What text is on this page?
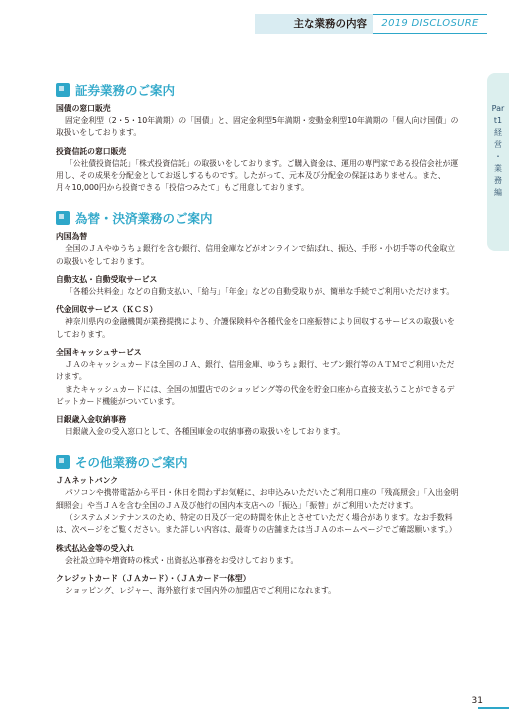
主な業務の内容	2019 DISCLOSURE
Part1
経
営
・
業
務
編
証券業務のご案内

国債の窓口販売

固定金利型（2・5・10年満期）の「国債」と、固定金利型5年満期・変動金利型10年満期の「個人向け国債」の取扱いをしております。

投資信託の窓口販売

「公社債投資信託」「株式投資信託」の取扱いをしております。ご購入資金は、運用の専門家である投信会社が運用し、その成果を分配金としてお返しするものです。したがって、元本及び分配金の保証はありません。また、月々10,000円から投資できる「投信つみたて」もご用意しております。

為替・決済業務のご案内

内国為替

全国のＪＡやゆうちょ銀行を含む銀行、信用金庫などがオンラインで結ばれ、振込、手形・小切手等の代金取立の取扱いをしております。

自動支払・自動受取サービス

「各種公共料金」などの自動支払い、「給与」「年金」などの自動受取りが、簡単な手続でご利用いただけます。

代金回収サービス（ＫＣＳ）

神奈川県内の金融機関が業務提携により、介護保険料や各種代金を口座振替により回収するサービスの取扱いをしております。

全国キャッシュサービス

ＪＡのキャッシュカードは全国のＪＡ、銀行、信用金庫、ゆうちょ銀行、セブン銀行等のＡＴＭでご利用いただけます。

またキャッシュカードには、全国の加盟店でのショッピング等の代金を貯金口座から直接支払うことができるデビットカード機能がついています。

日銀歳入金収納事務

日銀歳入金の受入窓口として、各種国庫金の収納事務の取扱いをしております。

その他業務のご案内

ＪＡネットバンク

パソコンや携帯電話から平日・休日を問わずお気軽に、お申込みいただいたご利用口座の「残高照会」「入出金明細照会」や当ＪＡを含む全国のＪＡ及び他行の国内本支店への「振込」「振替」がご利用いただけます。

（システムメンテナンスのため、特定の日及び一定の時間を休止とさせていただく場合があります。なお手数料は、次ページをご覧ください。また詳しい内容は、最寄りの店舗または当ＪＡのホームページでご確認願います。）

株式払込金等の受入れ

会社設立時や増資時の株式・出資払込事務をお受けしております。

クレジットカード（ＪＡカード）・（ＪＡカード一体型）

ショッピング、レジャー、海外旅行まで国内外の加盟店でご利用になれます。

31
